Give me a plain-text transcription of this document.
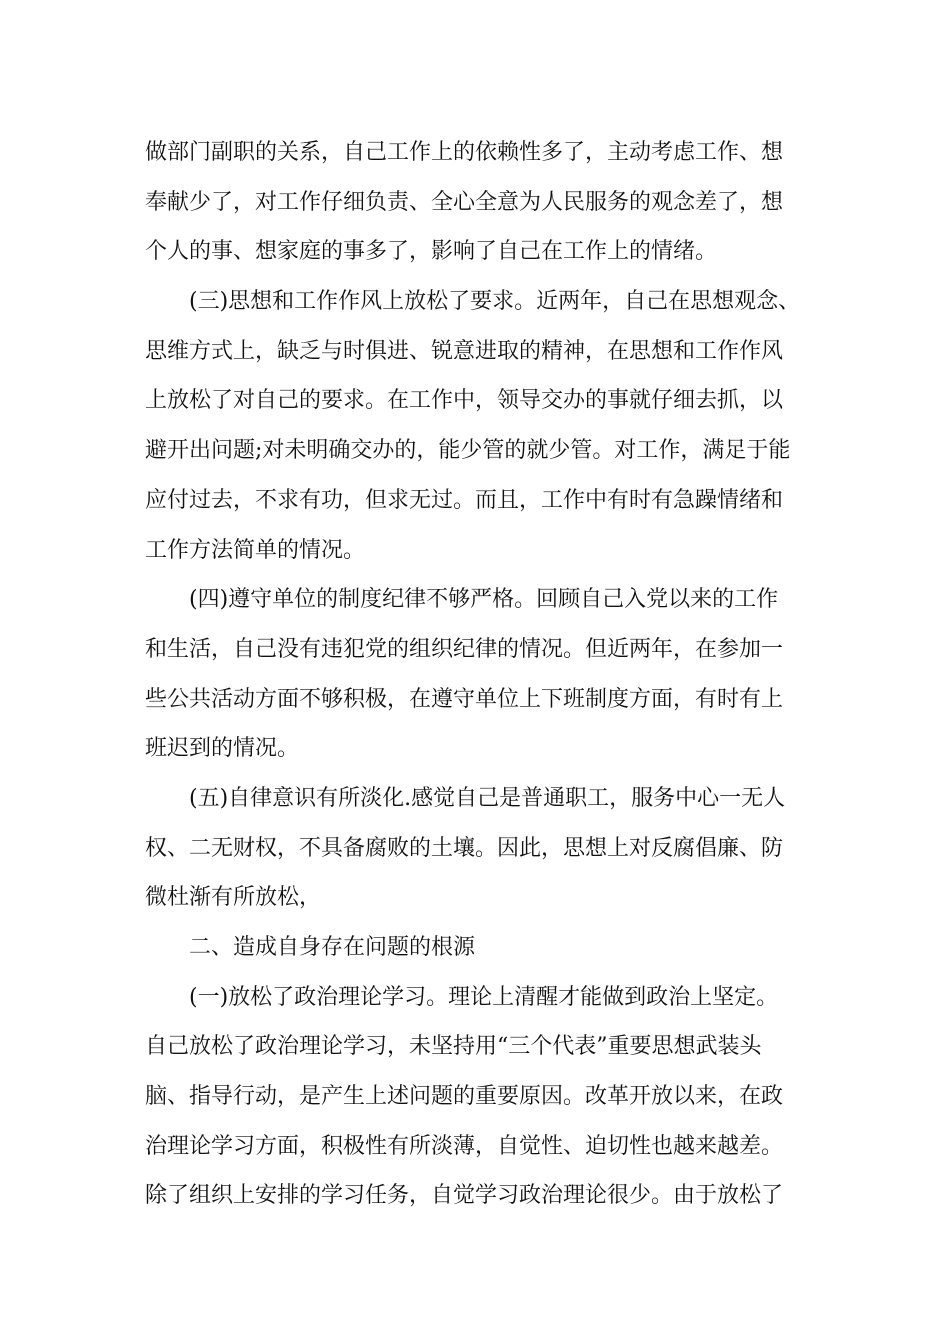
做部门副职的关系，自己工作上的依赖性多了，主动考虑工作、想
奉献少了，对工作仔细负责、全心全意为人民服务的观念差了，想
个人的事、想家庭的事多了，影响了自己在工作上的情绪。
(三)思想和工作作风上放松了要求。近两年，自己在思想观念、
思维方式上，缺乏与时俱进、锐意进取的精神，在思想和工作作风
上放松了对自己的要求。在工作中，领导交办的事就仔细去抓，以
避开出问题;对未明确交办的，能少管的就少管。对工作，满足于能
应付过去，不求有功，但求无过。而且，工作中有时有急躁情绪和
工作方法简单的情况。
(四)遵守单位的制度纪律不够严格。回顾自己入党以来的工作
和生活，自己没有违犯党的组织纪律的情况。但近两年，在参加一
些公共活动方面不够积极，在遵守单位上下班制度方面，有时有上
班迟到的情况。
(五)自律意识有所淡化.感觉自己是普通职工，服务中心一无人
权、二无财权，不具备腐败的土壤。因此，思想上对反腐倡廉、防
微杜渐有所放松，
二、造成自身存在问题的根源
(一)放松了政治理论学习。理论上清醒才能做到政治上坚定。
自己放松了政治理论学习，未坚持用“三个代表”重要思想武装头
脑、指导行动，是产生上述问题的重要原因。改革开放以来，在政
治理论学习方面，积极性有所淡薄，自觉性、迫切性也越来越差。
除了组织上安排的学习任务，自觉学习政治理论很少。由于放松了
